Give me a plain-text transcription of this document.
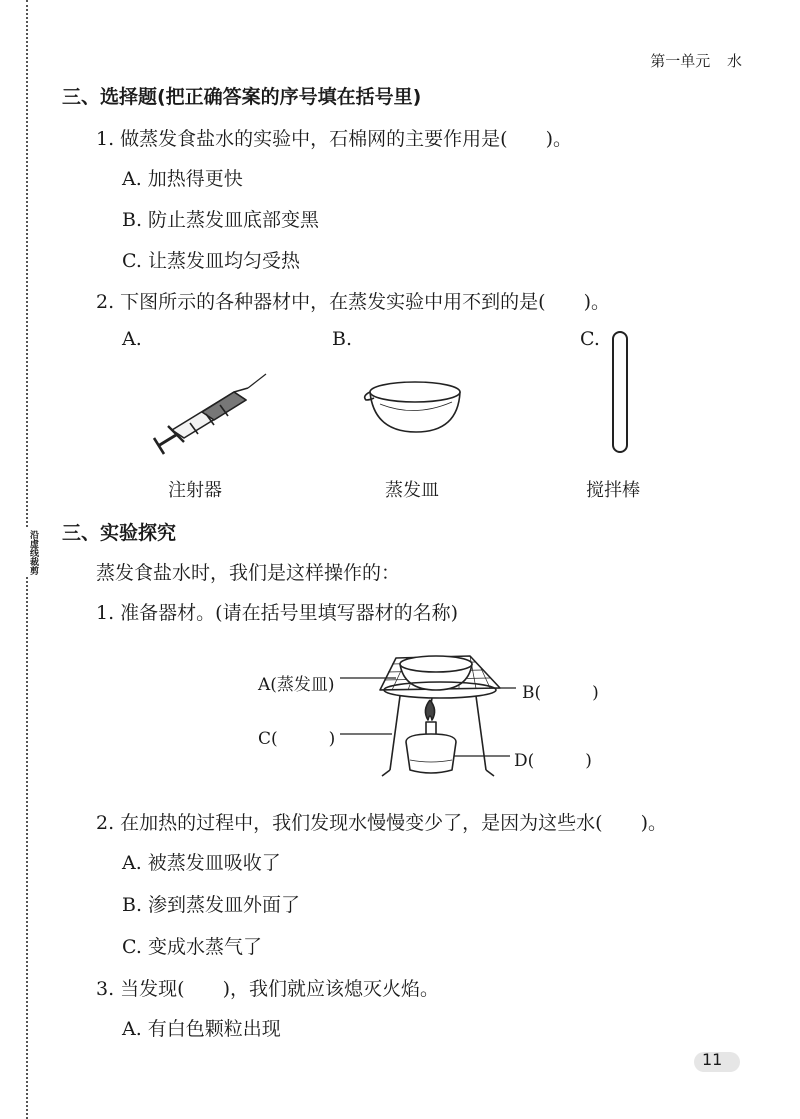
沿虚线裁剪
第一单元 水
三、选择题(把正确答案的序号填在括号里)
1. 做蒸发食盐水的实验中，石棉网的主要作用是(　　)。
A. 加热得更快
B. 防止蒸发皿底部变黑
C. 让蒸发皿均匀受热
2. 下图所示的各种器材中，在蒸发实验中用不到的是(　　)。
A.	B.	C.
注射器	蒸发皿	搅拌棒
三、实验探究
蒸发食盐水时，我们是这样操作的：
1. 准备器材。(请在括号里填写器材的名称)
A(蒸发皿)	B(　　　)
C(　　　)
D(　　　)
2. 在加热的过程中，我们发现水慢慢变少了，是因为这些水(　　)。
A. 被蒸发皿吸收了
B. 渗到蒸发皿外面了
C. 变成水蒸气了
3. 当发现(　　)，我们就应该熄灭火焰。
A. 有白色颗粒出现
11
